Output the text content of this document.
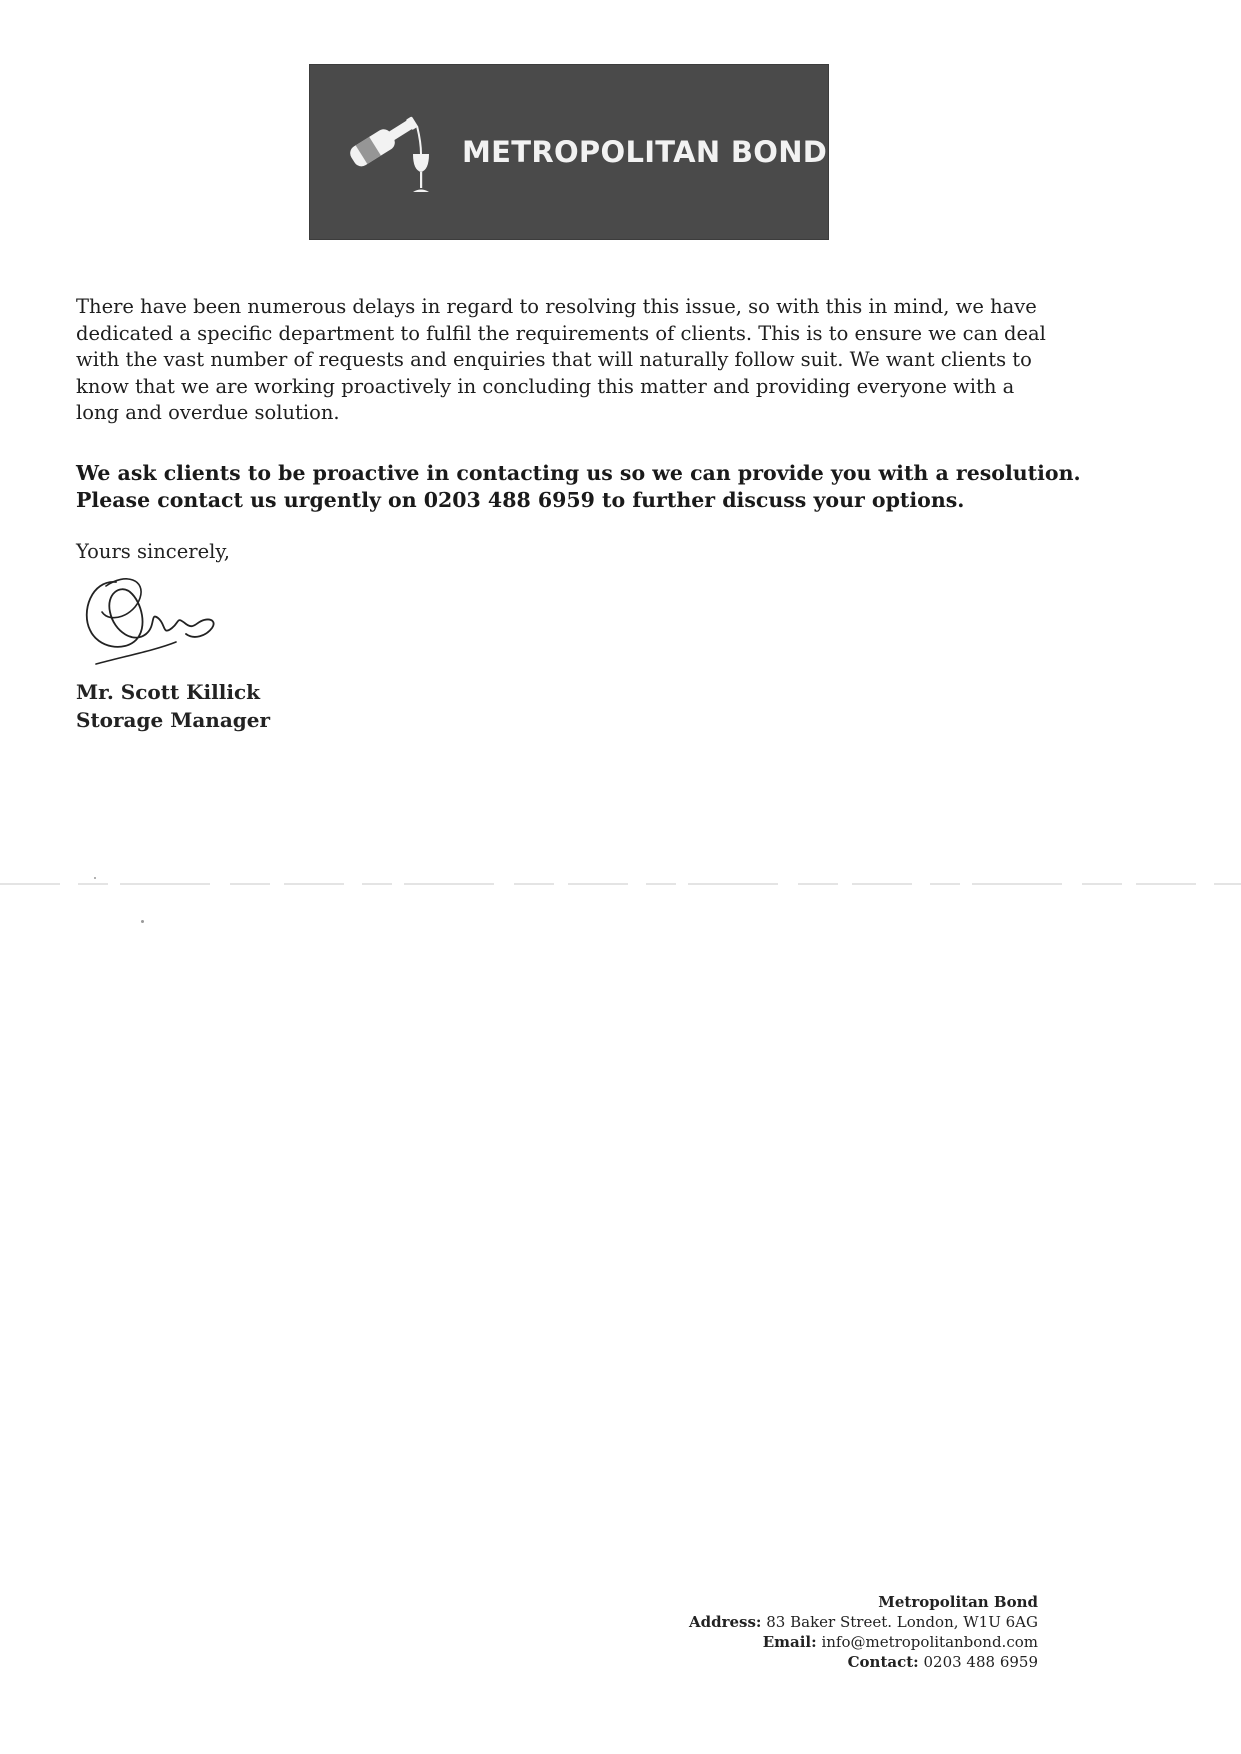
METROPOLITAN BOND

There have been numerous delays in regard to resolving this issue, so with this in mind, we have

dedicated a specific department to fulfil the requirements of clients. This is to ensure we can deal

with the vast number of requests and enquiries that will naturally follow suit. We want clients to

know that we are working proactively in concluding this matter and providing everyone with a

long and overdue solution.

We ask clients to be proactive in contacting us so we can provide you with a resolution.
Please contact us urgently on 0203 488 6959 to further discuss your options.
Yours sincerely,
Mr. Scott Killick
Storage Manager
Metropolitan Bond
Address: 83 Baker Street. London, W1U 6AG
Email: info@metropolitanbond.com
Contact: 0203 488 6959
